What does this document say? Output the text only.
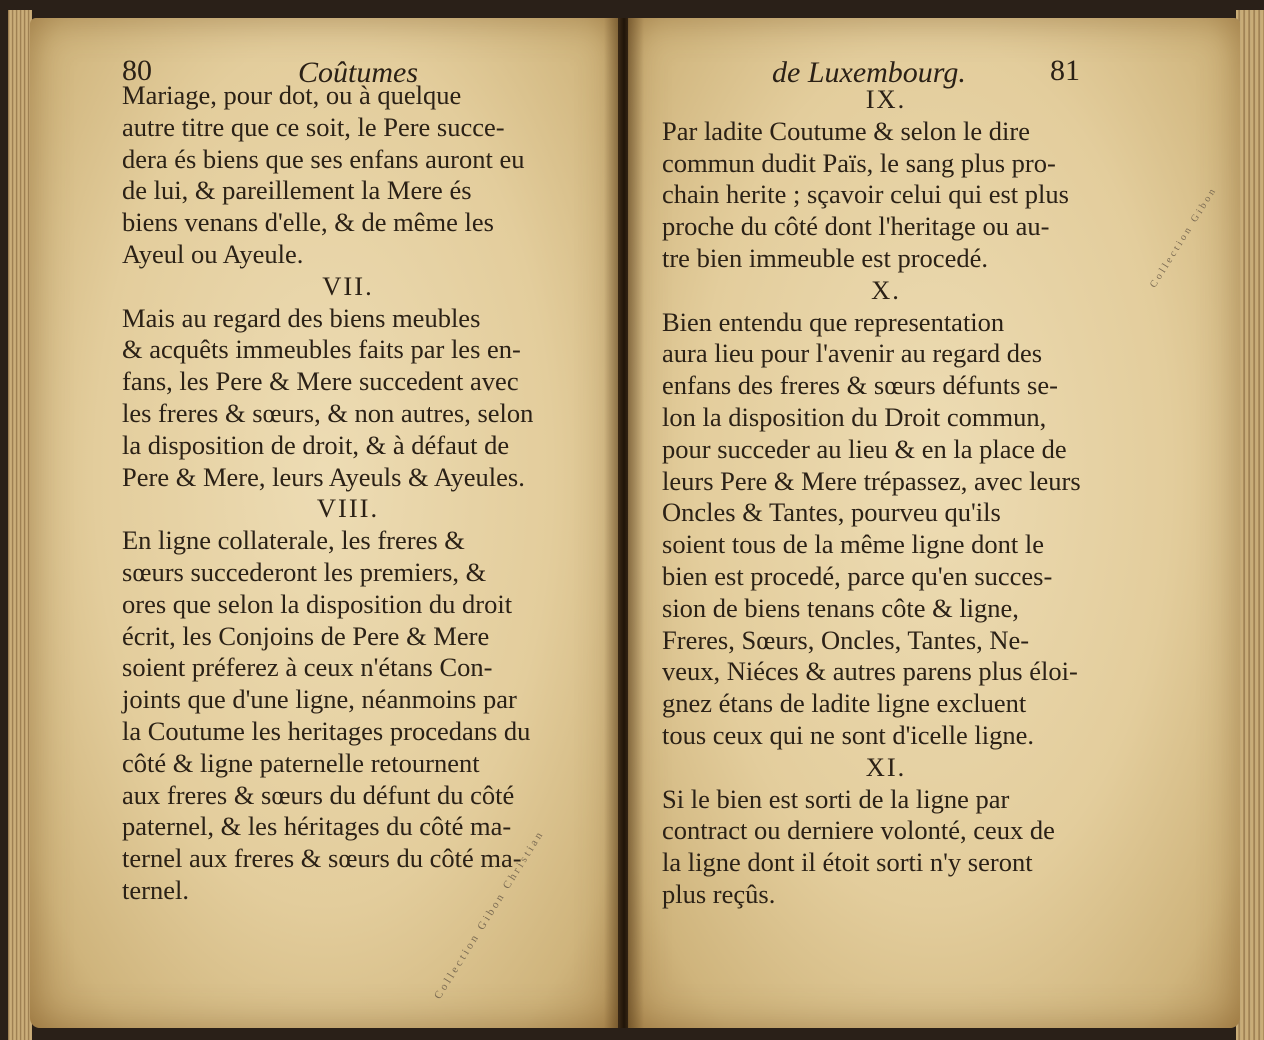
80	Coûtumes
Mariage, pour dot, ou à quelque
autre titre que ce soit, le Pere succe-
dera és biens que ses enfans auront eu
de lui, & pareillement la Mere és
biens venans d'elle, & de même les
Ayeul ou Ayeule.
VII.
Mais au regard des biens meubles
& acquêts immeubles faits par les en-
fans, les Pere & Mere succedent avec
les freres & sœurs, & non autres, selon
la disposition de droit, & à défaut de
Pere & Mere, leurs Ayeuls & Ayeules.
VIII.
En ligne collaterale, les freres &
sœurs succederont les premiers, &
ores que selon la disposition du droit
écrit, les Conjoins de Pere & Mere
soient préferez à ceux n'étans Con-
joints que d'une ligne, néanmoins par
la Coutume les heritages procedans du
côté & ligne paternelle retournent
aux freres & sœurs du défunt du côté
paternel, & les héritages du côté ma-
ternel aux freres & sœurs du côté ma-
ternel.
de Luxembourg.	81
IX.
Par ladite Coutume & selon le dire
commun dudit Païs, le sang plus pro-
chain herite ; sçavoir celui qui est plus
proche du côté dont l'heritage ou au-
tre bien immeuble est procedé.
X.
Bien entendu que representation
aura lieu pour l'avenir au regard des
enfans des freres & sœurs défunts se-
lon la disposition du Droit commun,
pour succeder au lieu & en la place de
leurs Pere & Mere trépassez, avec leurs
Oncles & Tantes, pourveu qu'ils
soient tous de la même ligne dont le
bien est procedé, parce qu'en succes-
sion de biens tenans côte & ligne,
Freres, Sœurs, Oncles, Tantes, Ne-
veux, Niéces & autres parens plus éloi-
gnez étans de ladite ligne excluent
tous ceux qui ne sont d'icelle ligne.
XI.
Si le bien est sorti de la ligne par
contract ou derniere volonté, ceux de
la ligne dont il étoit sorti n'y seront
plus reçûs.
Collection Gibon Christian
Collection Gibon
